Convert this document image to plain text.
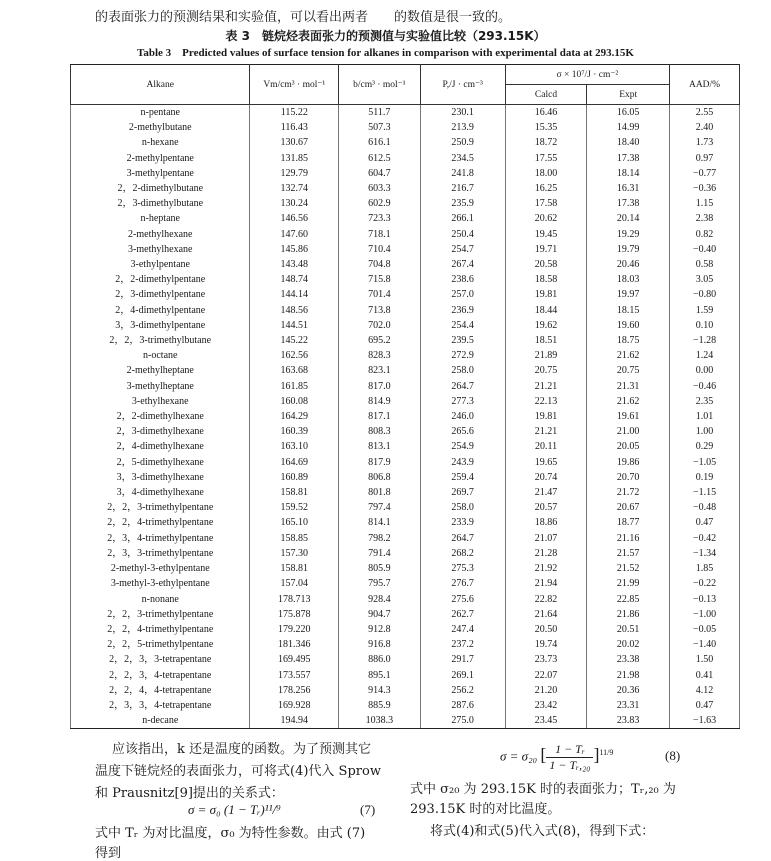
的表面张力的预测结果和实验值，可以看出两者　　的数值是很一致的。
表 3　链烷烃表面张力的预测值与实验值比较（293.15K）
Table 3　Predicted values of surface tension for alkanes in comparison with experimental data at 293.15K
Alkane	Vm/cm³ · mol⁻¹	b/cm³ · mol⁻¹	P,/J · cm⁻³	σ × 10⁷/J · cm⁻²		AAD/%
				Calcd	Expt	
n-pentane	115.22	511.7	230.1	16.46	16.05	2.55
2-methylbutane	116.43	507.3	213.9	15.35	14.99	2.40
n-hexane	130.67	616.1	250.9	18.72	18.40	1.73
2-methylpentane	131.85	612.5	234.5	17.55	17.38	0.97
3-methylpentane	129.79	604.7	241.8	18.00	18.14	−0.77
2，2-dimethylbutane	132.74	603.3	216.7	16.25	16.31	−0.36
2，3-dimethylbutane	130.24	602.9	235.9	17.58	17.38	1.15
n-heptane	146.56	723.3	266.1	20.62	20.14	2.38
2-methylhexane	147.60	718.1	250.4	19.45	19.29	0.82
3-methylhexane	145.86	710.4	254.7	19.71	19.79	−0.40
3-ethylpentane	143.48	704.8	267.4	20.58	20.46	0.58
2，2-dimethylpentane	148.74	715.8	238.6	18.58	18.03	3.05
2，3-dimethylpentane	144.14	701.4	257.0	19.81	19.97	−0.80
2，4-dimethylpentane	148.56	713.8	236.9	18.44	18.15	1.59
3，3-dimethylpentane	144.51	702.0	254.4	19.62	19.60	0.10
2，2，3-trimethylbutane	145.22	695.2	239.5	18.51	18.75	−1.28
n-octane	162.56	828.3	272.9	21.89	21.62	1.24
2-methylheptane	163.68	823.1	258.0	20.75	20.75	0.00
3-methylheptane	161.85	817.0	264.7	21.21	21.31	−0.46
3-ethylhexane	160.08	814.9	277.3	22.13	21.62	2.35
2，2-dimethylhexane	164.29	817.1	246.0	19.81	19.61	1.01
2，3-dimethylhexane	160.39	808.3	265.6	21.21	21.00	1.00
2，4-dimethylhexane	163.10	813.1	254.9	20.11	20.05	0.29
2，5-dimethylhexane	164.69	817.9	243.9	19.65	19.86	−1.05
3，3-dimethylhexane	160.89	806.8	259.4	20.74	20.70	0.19
3，4-dimethylhexane	158.81	801.8	269.7	21.47	21.72	−1.15
2，2，3-trimethylpentane	159.52	797.4	258.0	20.57	20.67	−0.48
2，2，4-trimethylpentane	165.10	814.1	233.9	18.86	18.77	0.47
2，3，4-trimethylpentane	158.85	798.2	264.7	21.07	21.16	−0.42
2，3，3-trimethylpentane	157.30	791.4	268.2	21.28	21.57	−1.34
2-methyl-3-ethylpentane	158.81	805.9	275.3	21.92	21.52	1.85
3-methyl-3-ethylpentane	157.04	795.7	276.7	21.94	21.99	−0.22
n-nonane	178.713	928.4	275.6	22.82	22.85	−0.13
2，2，3-trimethylpentane	175.878	904.7	262.7	21.64	21.86	−1.00
2，2，4-trimethylpentane	179.220	912.8	247.4	20.50	20.51	−0.05
2，2，5-trimethylpentane	181.346	916.8	237.2	19.74	20.02	−1.40
2，2，3，3-tetrapentane	169.495	886.0	291.7	23.73	23.38	1.50
2，2，3，4-tetrapentane	173.557	895.1	269.1	22.07	21.98	0.41
2，2，4，4-tetrapentane	178.256	914.3	256.2	21.20	20.36	4.12
2，3，3，4-tetrapentane	169.928	885.9	287.6	23.42	23.31	0.47
n-decane	194.94	1038.3	275.0	23.45	23.83	−1.63
应该指出，k 还是温度的函数。为了预测其它
温度下链烷烃的表面张力，可将式(4)代入 Sprow
和 Prausnitz[9]提出的关系式：
σ = σ₀ (1 − Tᵣ)¹¹/⁹	(7)
式中 Tᵣ 为对比温度，σ₀ 为特性参数。由式 (7)
得到
σ = σ₂₀ [ $\frac{\text{1 − Tᵣ}}{\text{1 − Tᵣ,₂₀}} ]^{11/9}$	(8)
式中 σ₂₀ 为 293.15K 时的表面张力；Tᵣ,₂₀ 为
293.15K 时的对比温度。
将式(4)和式(5)代入式(8)，得到下式：
